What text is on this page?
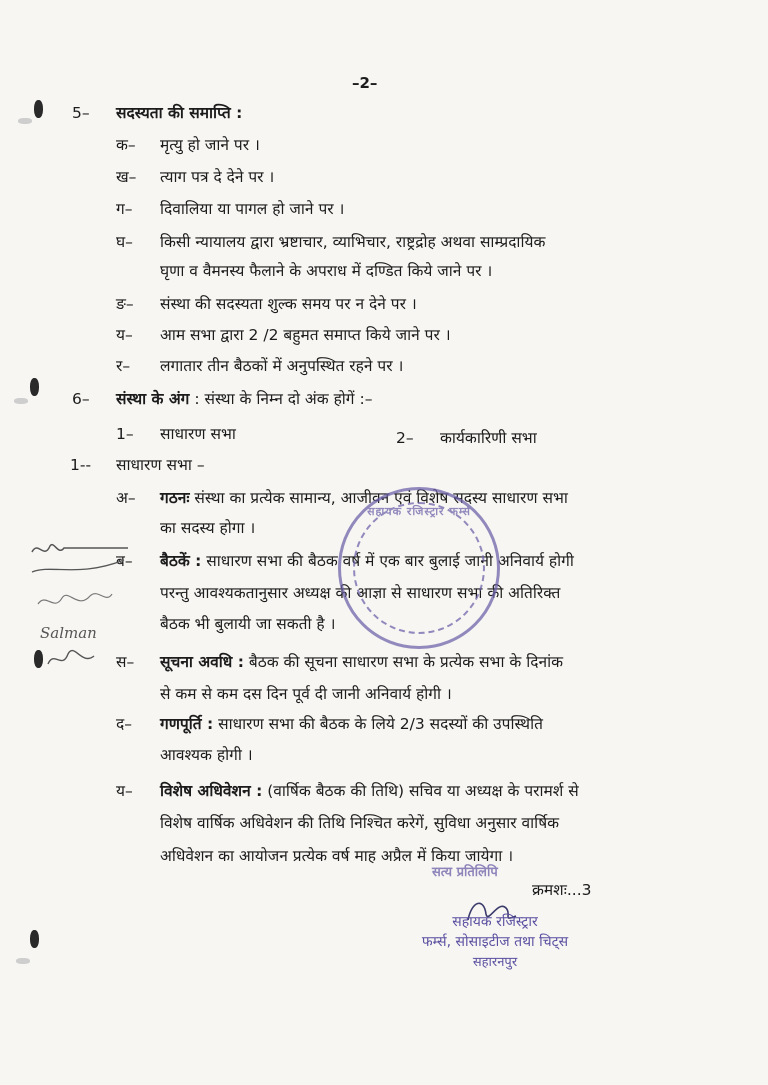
–2–
5– सदस्यता की समाप्ति :
क– मृत्यु हो जाने पर ।
ख– त्याग पत्र दे देने पर ।
ग– दिवालिया या पागल हो जाने पर ।
घ– किसी न्यायालय द्वारा भ्रष्टाचार, व्याभिचार, राष्ट्रद्रोह अथवा साम्प्रदायिक
घृणा व वैमनस्य फैलाने के अपराध में दण्डित किये जाने पर ।
ङ– संस्था की सदस्यता शुल्क समय पर न देने पर ।
य– आम सभा द्वारा 2 /2 बहुमत समाप्त किये जाने पर ।
र– लगातार तीन बैठकों में अनुपस्थित रहने पर ।
6– संस्था के अंग : संस्था के निम्न दो अंक होगें :–
1– साधारण सभा	2– कार्यकारिणी सभा
1-- साधारण सभा –
अ– गठनः संस्था का प्रत्येक सामान्य, आजीवन एवं विशेष सदस्य साधारण सभा
का सदस्य होगा ।
ब– बैठकें : साधारण सभा की बैठक वर्ष में एक बार बुलाई जानी अनिवार्य होगी
परन्तु आवश्यकतानुसार अध्यक्ष की आज्ञा से साधारण सभा की अतिरिक्त
बैठक भी बुलायी जा सकती है ।
स– सूचना अवधि : बैठक की सूचना साधारण सभा के प्रत्येक सभा के दिनांक
से कम से कम दस दिन पूर्व दी जानी अनिवार्य होगी ।
द– गणपूर्ति : साधारण सभा की बैठक के लिये 2/3 सदस्यों की उपस्थिति
आवश्यक होगी ।
य– विशेष अधिवेशन : (वार्षिक बैठक की तिथि) सचिव या अध्यक्ष के परामर्श से
विशेष वार्षिक अधिवेशन की तिथि निश्चित करेगें, सुविधा अनुसार वार्षिक
अधिवेशन का आयोजन प्रत्येक वर्ष माह अप्रैल में किया जायेगा ।
सहायक रजिस्ट्रार फर्म्स
Salman
सत्य प्रतिलिपि
क्रमशः...3
सहायक रजिस्ट्रार
फर्म्स, सोसाइटीज तथा चिट्स
सहारनपुर
